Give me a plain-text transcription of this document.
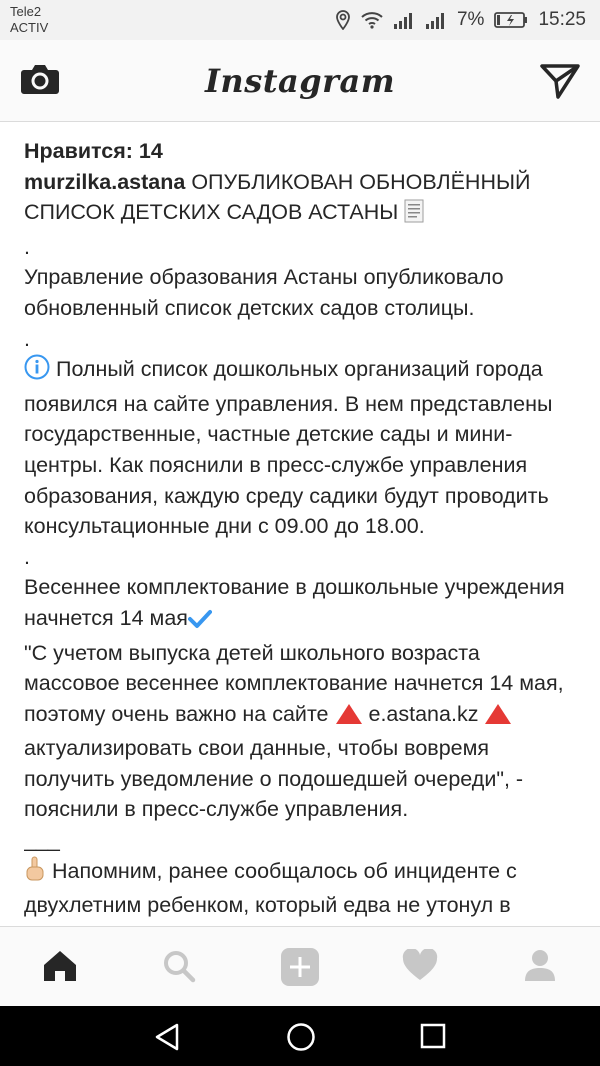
Tele2
ACTIV	7%	15:25
Instagram

Нравится: 14

murzilka.astana ОПУБЛИКОВАН ОБНОВЛЁННЫЙ СПИСОК ДЕТСКИХ САДОВ АСТАНЫ

.

Управление образования Астаны опубликовало обновленный список детских садов столицы.

.

Полный список дошкольных организаций города появился на сайте управления. В нем представлены государственные, частные детские сады и мини-центры. Как пояснили в пресс-службе управления образования, каждую среду садики будут проводить консультационные дни с 09.00 до 18.00.

.

Весеннее комплектование в дошкольные учреждения начнется 14 мая

"С учетом выпуска детей школьного возраста массовое весеннее комплектование начнется 14 мая, поэтому очень важно на сайте e.astana.kz  актуализировать свои данные, чтобы вовремя получить уведомление о подошедшей очереди", - пояснили в пресс-службе управления.

___

Напомним, ранее сообщалось об инциденте с двухлетним ребенком, который едва не утонул в
